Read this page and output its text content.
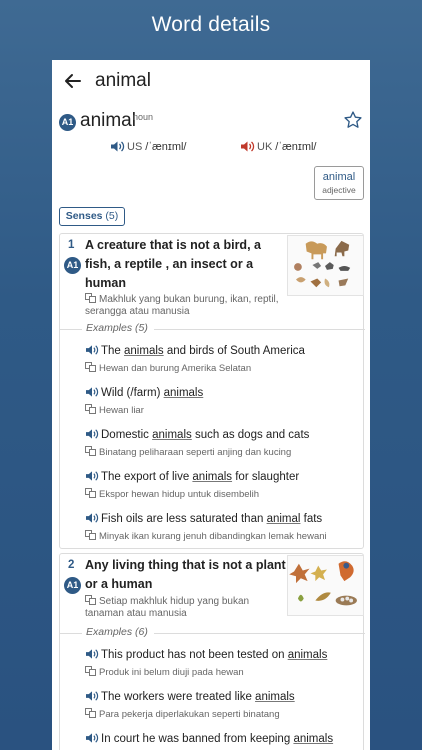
Word details
animal
A1 animal
noun
US /ˈænɪml/	UK /ˈænɪml/
animal
adjective
Senses (5)
1
A1
A creature that is not a bird, a
fish, a reptile , an insect or a
human
Makhluk yang bukan burung, ikan, reptil,
serangga atau manusia
Examples (5)
The animals and birds of South America
Hewan dan burung Amerika Selatan
Wild (/farm) animals
Hewan liar
Domestic animals such as dogs and cats
Binatang peliharaan seperti anjing dan kucing
The export of live animals for slaughter
Ekspor hewan hidup untuk disembelih
Fish oils are less saturated than animal fats
Minyak ikan kurang jenuh dibandingkan lemak hewani
2
A1
Any living thing that is not a plant
or a human
Setiap makhluk hidup yang bukan
tanaman atau manusia
Examples (6)
This product has not been tested on animals
Produk ini belum diuji pada hewan
The workers were treated like animals
Para pekerja diperlakukan seperti binatang
In court he was banned from keeping animals
